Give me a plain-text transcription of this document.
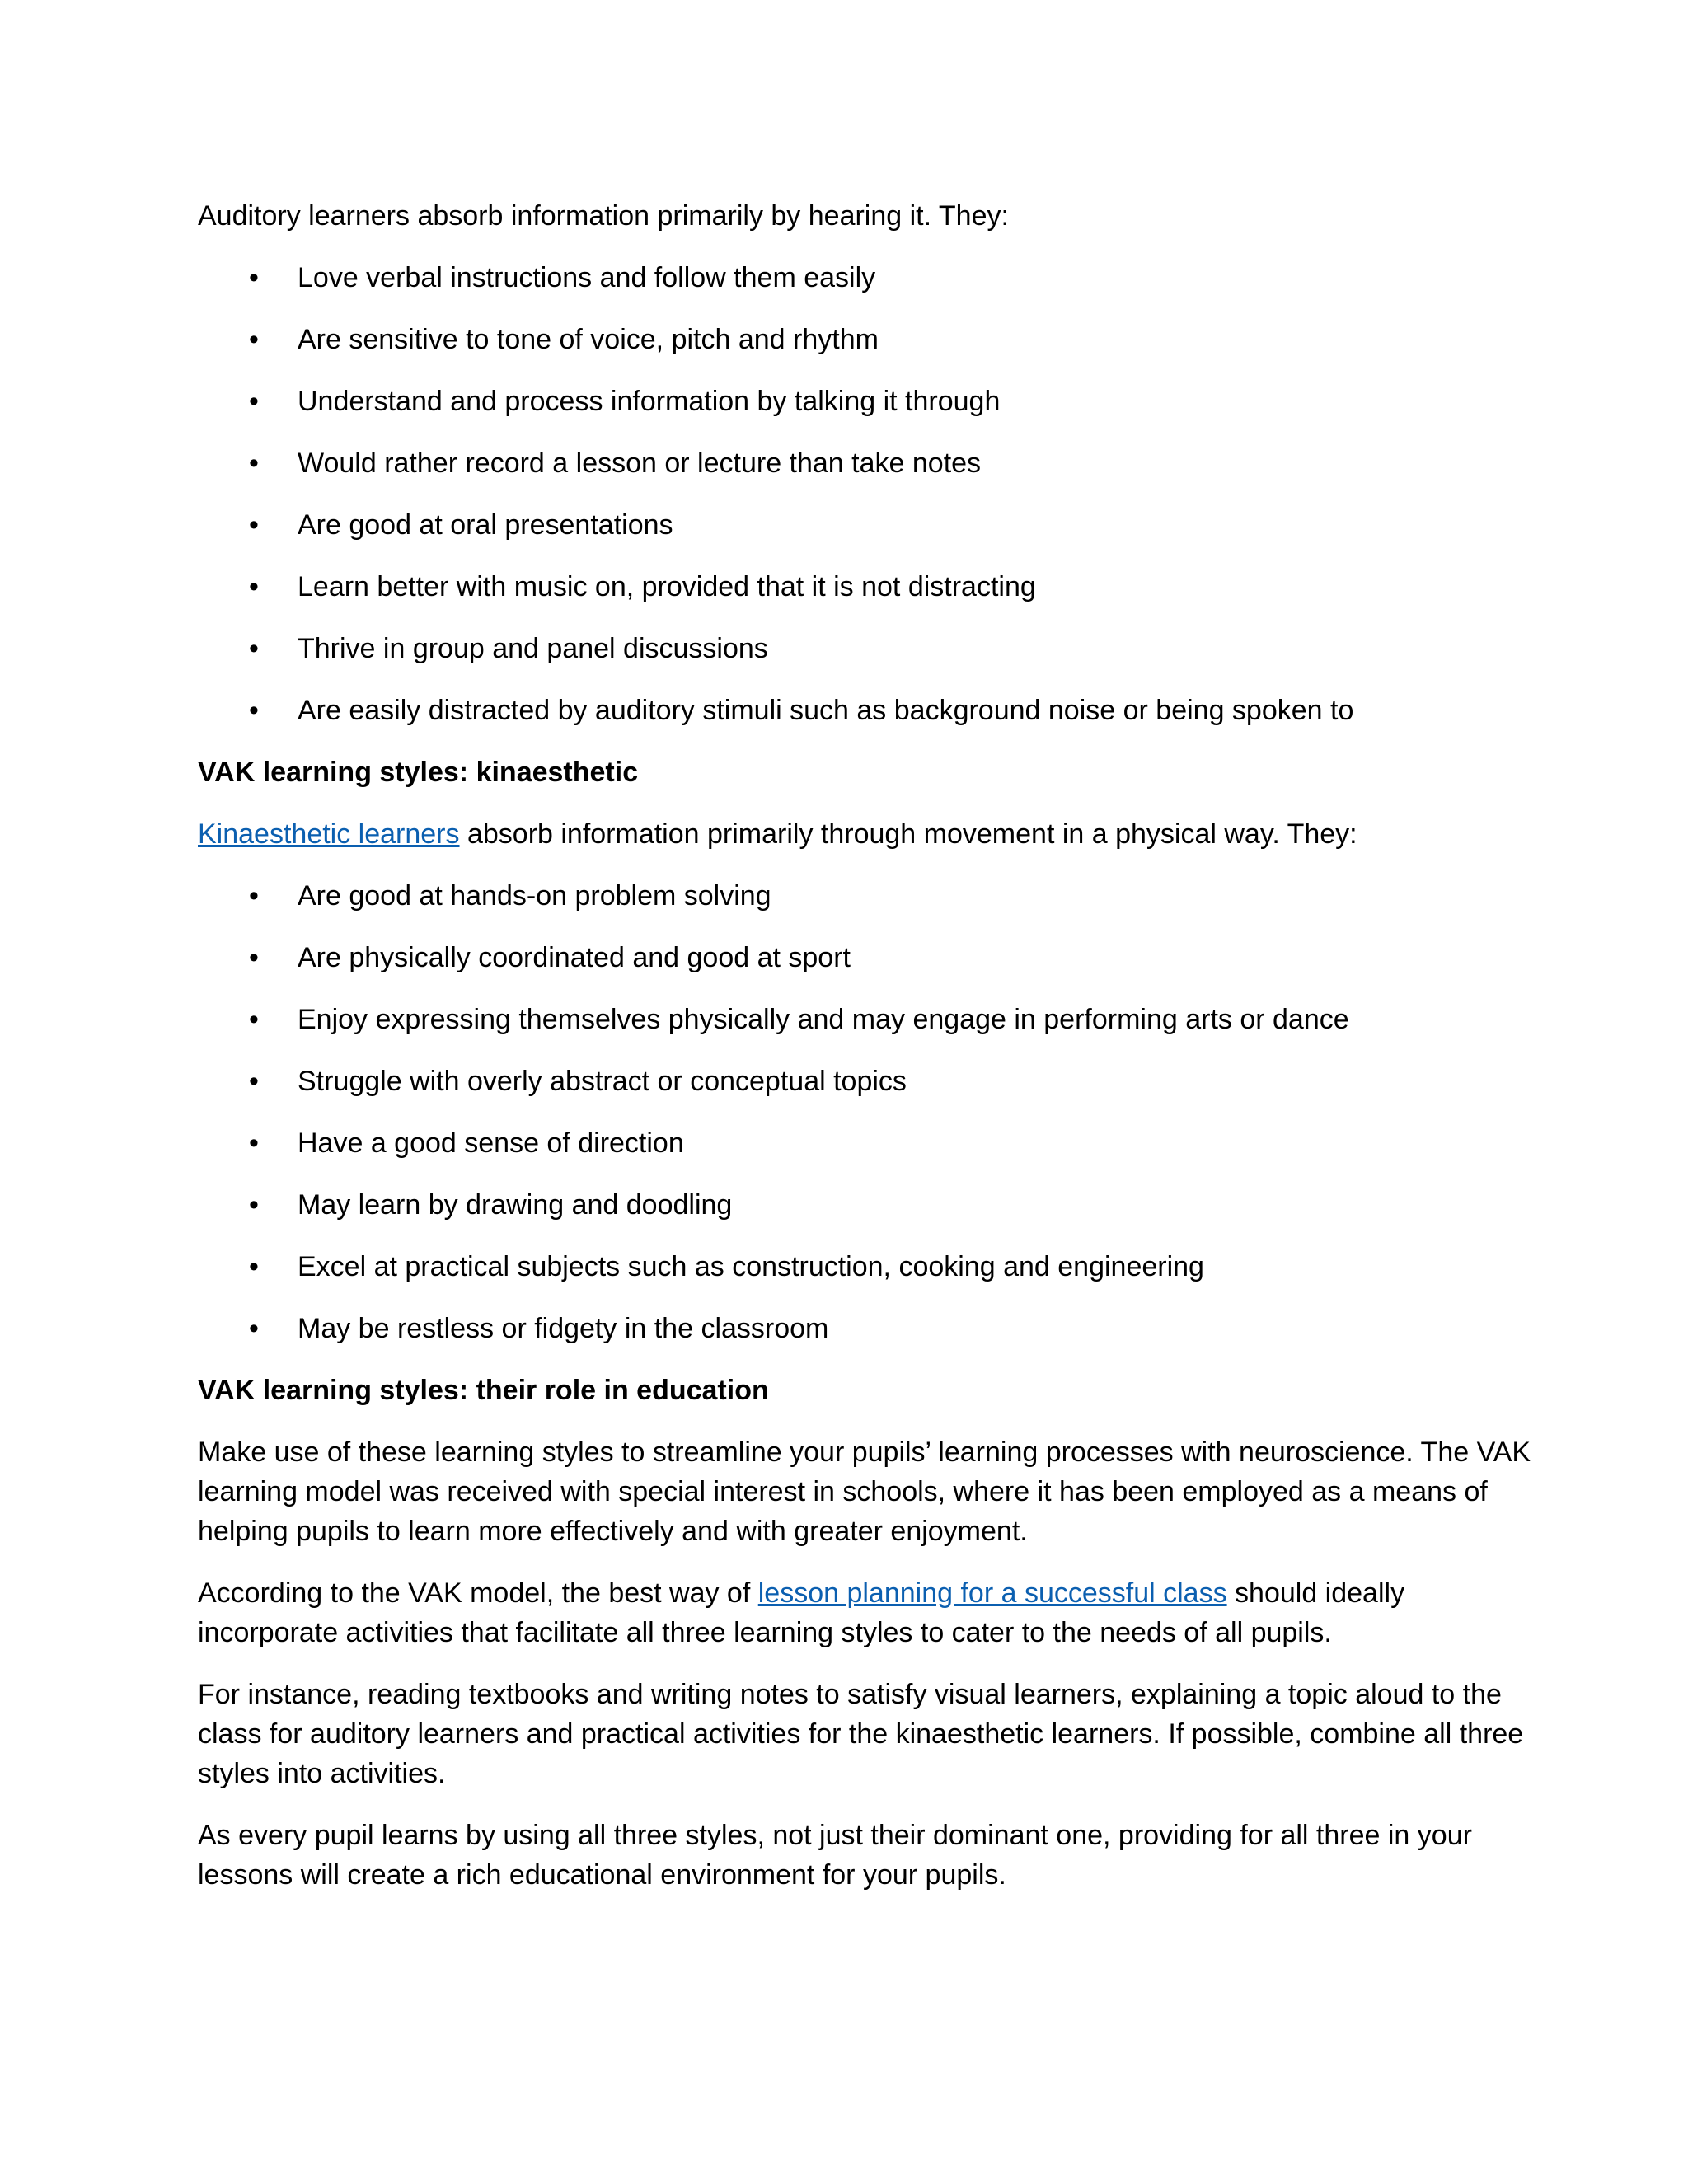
Auditory learners absorb information primarily by hearing it. They:

• Love verbal instructions and follow them easily
• Are sensitive to tone of voice, pitch and rhythm
• Understand and process information by talking it through
• Would rather record a lesson or lecture than take notes
• Are good at oral presentations
• Learn better with music on, provided that it is not distracting
• Thrive in group and panel discussions
• Are easily distracted by auditory stimuli such as background noise or being spoken to
VAK learning styles: kinaesthetic

Kinaesthetic learners absorb information primarily through movement in a physical way. They:

• Are good at hands-on problem solving
• Are physically coordinated and good at sport
• Enjoy expressing themselves physically and may engage in performing arts or dance
• Struggle with overly abstract or conceptual topics
• Have a good sense of direction
• May learn by drawing and doodling
• Excel at practical subjects such as construction, cooking and engineering
• May be restless or fidgety in the classroom
VAK learning styles: their role in education

Make use of these learning styles to streamline your pupils’ learning processes with neuroscience. The VAK learning model was received with special interest in schools, where it has been employed as a means of helping pupils to learn more effectively and with greater enjoyment.

According to the VAK model, the best way of lesson planning for a successful class should ideally incorporate activities that facilitate all three learning styles to cater to the needs of all pupils.

For instance, reading textbooks and writing notes to satisfy visual learners, explaining a topic aloud to the class for auditory learners and practical activities for the kinaesthetic learners. If possible, combine all three styles into activities.

As every pupil learns by using all three styles, not just their dominant one, providing for all three in your lessons will create a rich educational environment for your pupils.
